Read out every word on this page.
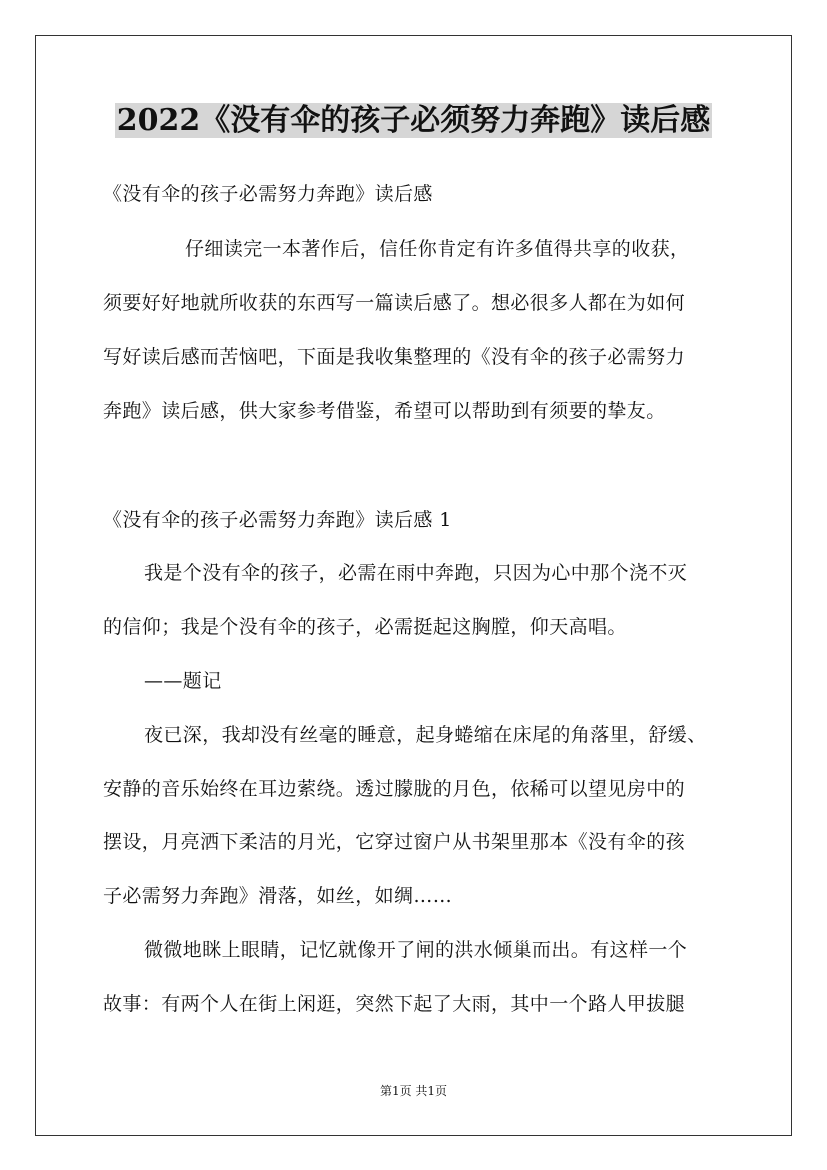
2022《没有伞的孩子必须努力奔跑》读后感
《没有伞的孩子必需努力奔跑》读后感
仔细读完一本著作后，信任你肯定有许多值得共享的收获，
须要好好地就所收获的东西写一篇读后感了。想必很多人都在为如何
写好读后感而苦恼吧，下面是我收集整理的《没有伞的孩子必需努力
奔跑》读后感，供大家参考借鉴，希望可以帮助到有须要的挚友。
《没有伞的孩子必需努力奔跑》读后感 1
我是个没有伞的孩子，必需在雨中奔跑，只因为心中那个浇不灭
的信仰；我是个没有伞的孩子，必需挺起这胸膛，仰天高唱。
——题记
夜已深，我却没有丝毫的睡意，起身蜷缩在床尾的角落里，舒缓、
安静的音乐始终在耳边萦绕。透过朦胧的月色，依稀可以望见房中的
摆设，月亮洒下柔洁的月光，它穿过窗户从书架里那本《没有伞的孩
子必需努力奔跑》滑落，如丝，如绸……
微微地眯上眼睛，记忆就像开了闸的洪水倾巢而出。有这样一个
故事：有两个人在街上闲逛，突然下起了大雨，其中一个路人甲拔腿
第1页 共1页
